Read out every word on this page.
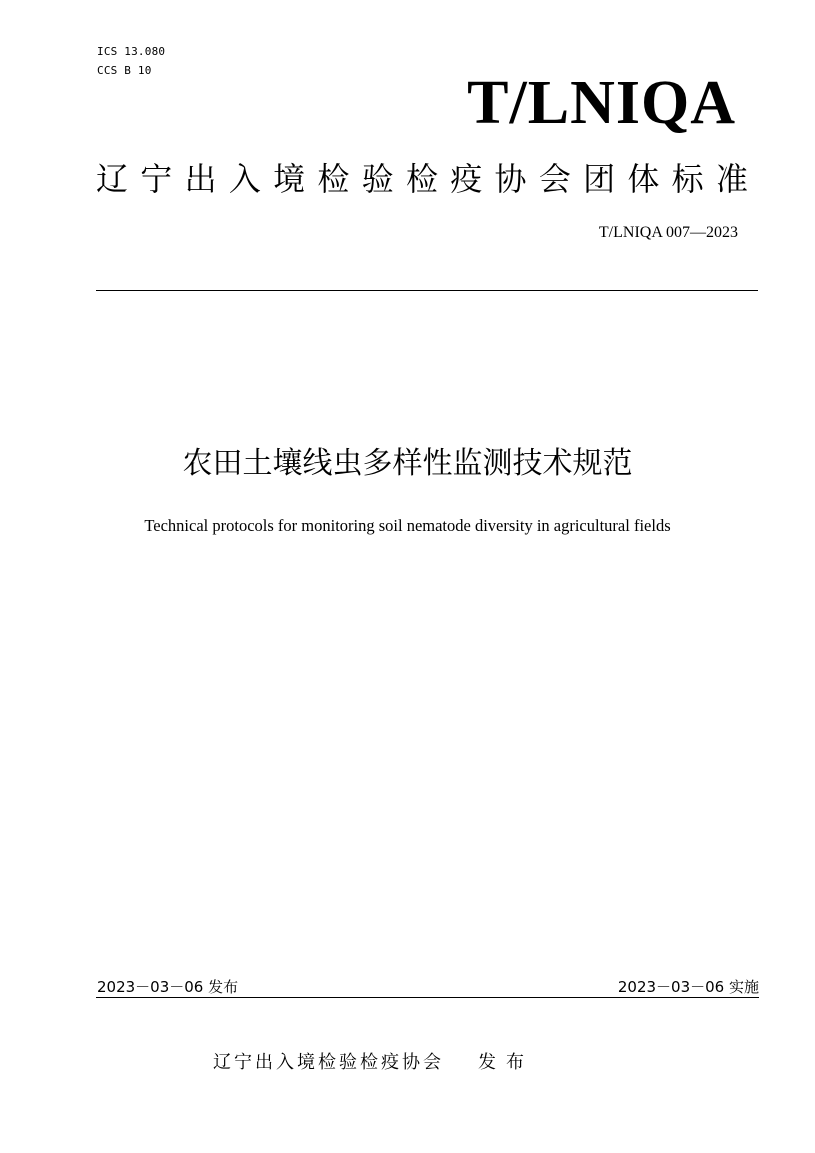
ICS 13.080
CCS B 10	T/LNIQA
辽 宁 出 入 境 检 验 检 疫 协 会 团 体 标 准
T/LNIQA 007—2023
农田土壤线虫多样性监测技术规范
Technical protocols for monitoring soil nematode diversity in agricultural fields
2023－03－06 发布	2023－03－06 实施
辽宁出入境检验检疫协会 发布
